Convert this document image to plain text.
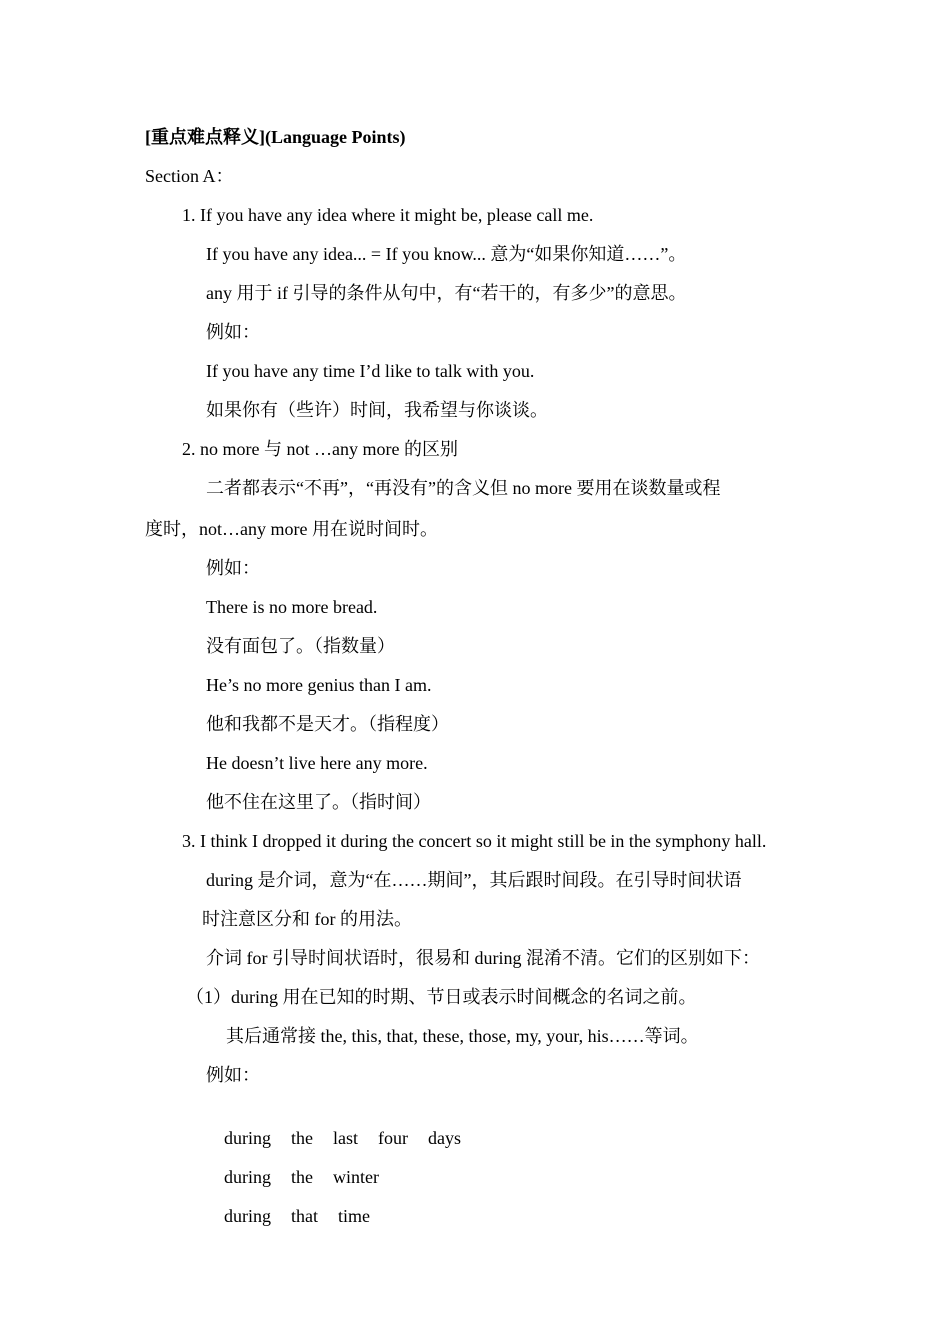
[重点难点释义](Language Points)
Section A：
1. If you have any idea where it might be, please call me.
If you have any idea... = If you know... 意为“如果你知道……”。
any 用于 if 引导的条件从句中，有“若干的，有多少”的意思。
例如：
If you have any time I’d like to talk with you.
如果你有（些许）时间，我希望与你谈谈。
2. no more 与 not …any more 的区别
二者都表示“不再”，“再没有”的含义但 no more 要用在谈数量或程
度时，not…any more 用在说时间时。
例如：
There is no more bread.
没有面包了。（指数量）
He’s no more genius than I am.
他和我都不是天才。（指程度）
He doesn’t live here any more.
他不住在这里了。（指时间）
3. I think I dropped it during the concert so it might still be in the symphony hall.
during 是介词，意为“在……期间”，其后跟时间段。在引导时间状语
时注意区分和 for 的用法。
介词 for 引导时间状语时，很易和 during 混淆不清。它们的区别如下：
（1）during 用在已知的时期、节日或表示时间概念的名词之前。
其后通常接 the, this, that, these, those, my, your, his……等词。
例如：

during the last four days

during the winter

during that time
